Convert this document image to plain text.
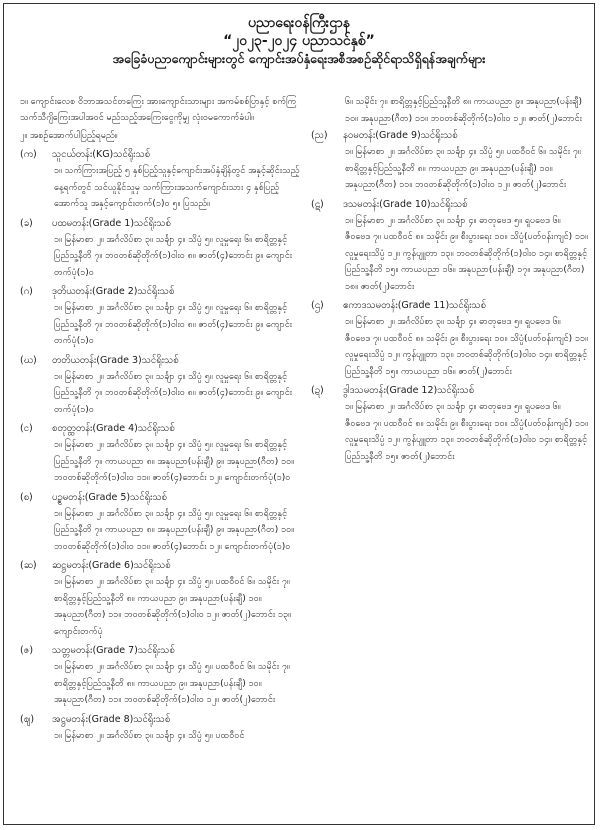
ပညာရေးဝန်ကြီးဌာန
“၂၀၂၃-၂၀၂၄ ပညာသင်နှစ်”
အခြေခံပညာကျောင်းများတွင် ကျောင်းအပ်နှံရေးအစီအစဉ်ဆိုင်ရာသိရှိရန်အချက်များ

၁။ ကျောင်းလေစ ဝိဘာအသင်တကြေး အားကျောင်းသားများ အကမ်စစ်ပြာနှင့် စက်ကြသက်သီဂျိကြေးအပါအဝင် မည်သည့်အကြေးငွေကိုမျှ လုံးဝမကောက်ခံပါ။

၂။ အစဉ်အောက်ပါပြည့်ရမည်။

(က) သူငယ်တန်း(KG)သင်ရိုးသစ်

၁။ သက်ကြားအပြည့် ၅ နှစ်ပြည့်သူနှင့်ကျောင်းအပ်နှံချိန်တွင် အနှင့်ဆိုင်းသည့်နေ့ရက်တွင် သင်ယူနိုင်သူမှ သက်ကြားအသက်ကျောင်းသား ၄ နှစ်ပြည့်အောက်သူ အနှင့်ကျောင်းတက်(၁)ဝ ၅။ ပြသည်။

(ခ) ပထမတန်း(Grade 1)သင်ရိုးသစ်

၁။ မြန်မာစာ ၂။ အင်္ဂလိပ်စာ ၃။ သင်္ချာ ၄။ သိပ္ပံ ၅။ လူမှုရေး ၆။ စာရိတ္တနှင့်ပြည်သူ့နီတိ ၇။ ဘဝတစ်ဆိုတိုက်(၁)ဝါးဝ ၈။ ဇာတ်(၄)ဘောင်း ၉။ ကျောင်းတက်ပုံ(၁)ဝ

(ဂ) ဒုတိယတန်း(Grade 2)သင်ရိုးသစ်

၁။ မြန်မာစာ ၂။ အင်္ဂလိပ်စာ ၃။ သင်္ချာ ၄။ သိပ္ပံ ၅။ လူမှုရေး ၆။ စာရိတ္တနှင့်ပြည်သူ့နီတိ ၇။ ဘဝတစ်ဆိုတိုက်(၁)ဝါးဝ ၈။ ဇာတ်(၄)ဘောင်း ၉။ ကျောင်းတက်ပုံ(၁)ဝ

(ဃ) တတိယတန်း(Grade 3)သင်ရိုးသစ်

၁။ မြန်မာစာ ၂။ အင်္ဂလိပ်စာ ၃။ သင်္ချာ ၄။ သိပ္ပံ ၅။ လူမှုရေး ၆။ စာရိတ္တနှင့်ပြည်သူ့နီတိ ၇။ ဘဝတစ်ဆိုတိုက်(၁)ဝါးဝ ၈။ ဇာတ်(၄)ဘောင်း ၉။ ကျောင်းတက်ပုံ(၁)ဝ

(င) စတုတ္ထတန်း(Grade 4)သင်ရိုးသစ်

၁။ မြန်မာစာ ၂။ အင်္ဂလိပ်စာ ၃။ သင်္ချာ ၄။ သိပ္ပံ ၅။ လူမှုရေး ၆။ စာရိတ္တနှင့်ပြည်သူ့နီတိ ၇။ ကာယပညာ ၈။ အနုပညာ(ပန်းချီ) ၉။ အနုပညာ(ဂီတ) ၁၀။ ဘဝတစ်ဆိုတိုက်(၁)ဝါးဝ ၁၁။ ဇာတ်(၄)ဘောင်း ၁၂။ ကျောင်းတက်ပုံ(၁)ဝ

(စ) ပဉ္စမတန်း(Grade 5)သင်ရိုးသစ်

၁။ မြန်မာစာ ၂။ အင်္ဂလိပ်စာ ၃။ သင်္ချာ ၄။ သိပ္ပံ ၅။ လူမှုရေး ၆။ စာရိတ္တနှင့်ပြည်သူ့နီတိ ၇။ ကာယပညာ ၈။ အနုပညာ(ပန်းချီ) ၉။ အနုပညာ(ဂီတ) ၁၀။ ဘဝတစ်ဆိုတိုက်(၁)ဝါးဝ ၁၁။ ဇာတ်(၄)ဘောင်း ၁၂။ ကျောင်းတက်ပုံ(၁)ဝ

(ဆ) ဆဋ္ဌမတန်း(Grade 6)သင်ရိုးသစ်

၁။ မြန်မာစာ ၂။ အင်္ဂလိပ်စာ ၃။ သင်္ချာ ၄။ သိပ္ပံ ၅။ ပထဝီဝင် ၆။ သမိုင်း ၇။ စာရိတ္တနှင့်ပြည်သူ့နီတိ ၈။ ကာယပညာ ၉။ အနုပညာ(ပန်းချီ) ၁၀။ အနုပညာ(ဂီတ) ၁၁။ ဘဝတစ်ဆိုတိုက်(၁)ဝါးဝ ၁၂။ ဇာတ်(၂)ဘောင်း ၁၃။ ကျောင်းတက်ပုံ

(ဇ) သတ္တမတန်း(Grade 7)သင်ရိုးသစ်

၁။ မြန်မာစာ ၂။ အင်္ဂလိပ်စာ ၃။ သင်္ချာ ၄။ သိပ္ပံ ၅။ ပထဝီဝင် ၆။ သမိုင်း ၇။ စာရိတ္တနှင့်ပြည်သူ့နီတိ ၈။ ကာယပညာ ၉။ အနုပညာ(ပန်းချီ) ၁၀။ အနုပညာ(ဂီတ) ၁၁။ ဘဝတစ်ဆိုတိုက်(၁)ဝါးဝ ၁၂။ ဇာတ်(၂)ဘောင်း

(ဈ) အဋ္ဌမတန်း(Grade 8)သင်ရိုးသစ်

၁။ မြန်မာစာ ၂။ အင်္ဂလိပ်စာ ၃။ သင်္ချာ ၄။ သိပ္ပံ ၅။ ပထဝီဝင်

၆။ သမိုင်း ၇။ စာရိတ္တနှင့်ပြည်သူ့နီတိ ၈။ ကာယပညာ ၉။ အနုပညာ(ပန်းချီ) ၁၀။ အနုပညာ(ဂီတ) ၁၁။ ဘဝတစ်ဆိုတိုက်(၁)ဝါးဝ ၁၂။ ဇာတ်(၂)ဘောင်း

(ည) နဝမတန်း(Grade 9)သင်ရိုးသစ်

၁။ မြန်မာစာ ၂။ အင်္ဂလိပ်စာ ၃။ သင်္ချာ ၄။ သိပ္ပံ ၅။ ပထဝီဝင် ၆။ သမိုင်း ၇။ စာရိတ္တနှင့်ပြည်သူ့နီတိ ၈။ ကာယပညာ ၉။ အနုပညာ(ပန်းချီ) ၁၀။ အနုပညာ(ဂီတ) ၁၁။ ဘဝတစ်ဆိုတိုက်(၁)ဝါးဝ ၁၂။ ဇာတ်(၂)ဘောင်း

(ဋ) ဒသမတန်း(Grade 10)သင်ရိုးသစ်

၁။ မြန်မာစာ ၂။ အင်္ဂလိပ်စာ ၃။ သင်္ချာ ၄။ ဓာတုဗေဒ ၅။ ရူပဗေဒ ၆။ ဇီဝဗေဒ ၇။ ပထဝီဝင် ၈။ သမိုင်း ၉။ စီးပွားရေး ၁၀။ သိပ္ပံ(ပတ်ဝန်းကျင်) ၁၁။ လူမှုရေးသိပ္ပံ ၁၂။ ကွန်ပျူတာ ၁၃။ ဘဝတစ်ဆိုတိုက်(၁)ဝါးဝ ၁၄။ စာရိတ္တနှင့်ပြည်သူ့နီတိ ၁၅။ ကာယပညာ ၁၆။ အနုပညာ(ပန်းချီ) ၁၇။ အနုပညာ(ဂီတ) ၁၈။ ဇာတ်(၂)ဘောင်း

(ဌ) ဧကာဒသမတန်း(Grade 11)သင်ရိုးသစ်

၁။ မြန်မာစာ ၂။ အင်္ဂလိပ်စာ ၃။ သင်္ချာ ၄။ ဓာတုဗေဒ ၅။ ရူပဗေဒ ၆။ ဇီဝဗေဒ ၇။ ပထဝီဝင် ၈။ သမိုင်း ၉။ စီးပွားရေး ၁၀။ သိပ္ပံ(ပတ်ဝန်းကျင်) ၁၁။ လူမှုရေးသိပ္ပံ ၁၂။ ကွန်ပျူတာ ၁၃။ ဘဝတစ်ဆိုတိုက်(၁)ဝါးဝ ၁၄။ စာရိတ္တနှင့်ပြည်သူ့နီတိ ၁၅။ ကာယပညာ ၁၆။ ဇာတ်(၂)ဘောင်း

(ဍ) ဒွါဒသမတန်း(Grade 12)သင်ရိုးသစ်

၁။ မြန်မာစာ ၂။ အင်္ဂလိပ်စာ ၃။ သင်္ချာ ၄။ ဓာတုဗေဒ ၅။ ရူပဗေဒ ၆။ ဇီဝဗေဒ ၇။ ပထဝီဝင် ၈။ သမိုင်း ၉။ စီးပွားရေး ၁၀။ သိပ္ပံ(ပတ်ဝန်းကျင်) ၁၁။ လူမှုရေးသိပ္ပံ ၁၂။ ကွန်ပျူတာ ၁၃။ ဘဝတစ်ဆိုတိုက်(၁)ဝါးဝ ၁၄။ စာရိတ္တနှင့်ပြည်သူ့နီတိ ၁၅။ ဇာတ်(၂)ဘောင်း
